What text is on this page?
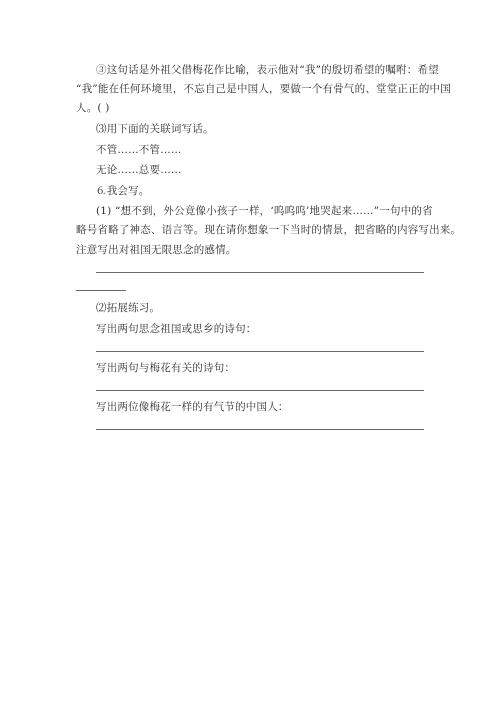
③这句话是外祖父借梅花作比喻，表示他对“我”的殷切希望的嘱咐：希望
“我”能在任何环境里，不忘自己是中国人，要做一个有骨气的、堂堂正正的中国
人。( )
⑶用下面的关联词写话。
不管……不管……
无论……总要……
⒍我会写。
(1) “想不到，外公竟像小孩子一样，‘呜呜呜’地哭起来……”一句中的省
略号省略了神态、语言等。现在请你想象一下当时的情景，把省略的内容写出来。
注意写出对祖国无限思念的感情。
⑵拓展练习。
写出两句思念祖国或思乡的诗句：
写出两句与梅花有关的诗句：
写出两位像梅花一样的有气节的中国人：
